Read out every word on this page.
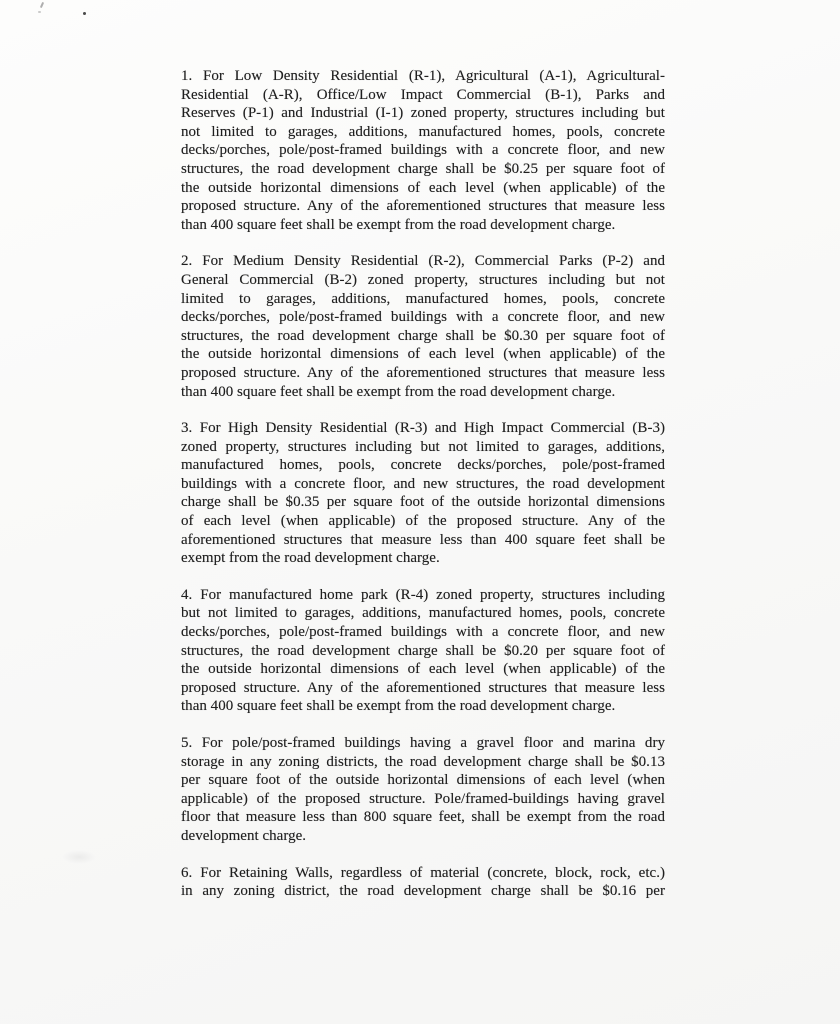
1. For Low Density Residential (R-1), Agricultural (A-1), Agricultural-
Residential (A-R), Office/Low Impact Commercial (B-1), Parks and
Reserves (P-1) and Industrial (I-1) zoned property, structures including but
not limited to garages, additions, manufactured homes, pools, concrete
decks/porches, pole/post-framed buildings with a concrete floor, and new
structures, the road development charge shall be $0.25 per square foot of
the outside horizontal dimensions of each level (when applicable) of the
proposed structure. Any of the aforementioned structures that measure less
than 400 square feet shall be exempt from the road development charge.
2. For Medium Density Residential (R-2), Commercial Parks (P-2) and
General Commercial (B-2) zoned property, structures including but not
limited to garages, additions, manufactured homes, pools, concrete
decks/porches, pole/post-framed buildings with a concrete floor, and new
structures, the road development charge shall be $0.30 per square foot of
the outside horizontal dimensions of each level (when applicable) of the
proposed structure. Any of the aforementioned structures that measure less
than 400 square feet shall be exempt from the road development charge.
3. For High Density Residential (R-3) and High Impact Commercial (B-3)
zoned property, structures including but not limited to garages, additions,
manufactured homes, pools, concrete decks/porches, pole/post-framed
buildings with a concrete floor, and new structures, the road development
charge shall be $0.35 per square foot of the outside horizontal dimensions
of each level (when applicable) of the proposed structure. Any of the
aforementioned structures that measure less than 400 square feet shall be
exempt from the road development charge.
4. For manufactured home park (R-4) zoned property, structures including
but not limited to garages, additions, manufactured homes, pools, concrete
decks/porches, pole/post-framed buildings with a concrete floor, and new
structures, the road development charge shall be $0.20 per square foot of
the outside horizontal dimensions of each level (when applicable) of the
proposed structure. Any of the aforementioned structures that measure less
than 400 square feet shall be exempt from the road development charge.
5. For pole/post-framed buildings having a gravel floor and marina dry
storage in any zoning districts, the road development charge shall be $0.13
per square foot of the outside horizontal dimensions of each level (when
applicable) of the proposed structure. Pole/framed-buildings having gravel
floor that measure less than 800 square feet, shall be exempt from the road
development charge.
6. For Retaining Walls, regardless of material (concrete, block, rock, etc.)
in any zoning district, the road development charge shall be $0.16 per
